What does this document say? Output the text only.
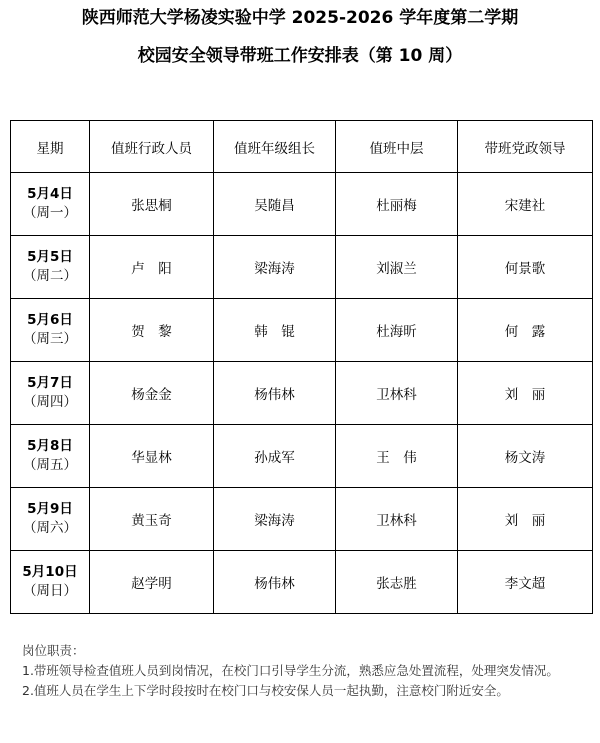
陕西师范大学杨凌实验中学 2025-2026 学年度第二学期
校园安全领导带班工作安排表（第 10 周）
星期	值班行政人员	值班年级组长	值班中层	带班党政领导

5月4日
（周一）	张思桐	吴随昌	杜丽梅	宋建社

5月5日
（周二）	卢　阳	梁海涛	刘淑兰	何景歌

5月6日
（周三）	贺　黎	韩　锟	杜海昕	何　露

5月7日
（周四）	杨金金	杨伟林	卫林科	刘　丽

5月8日
（周五）	华显林	孙成军	王　伟	杨文涛

5月9日
（周六）	黄玉奇	梁海涛	卫林科	刘　丽

5月10日
（周日）	赵学明	杨伟林	张志胜	李文超

岗位职责：

1.带班领导检查值班人员到岗情况，在校门口引导学生分流，熟悉应急处置流程，处理突发情况。

2.值班人员在学生上下学时段按时在校门口与校安保人员一起执勤，注意校门附近安全。
